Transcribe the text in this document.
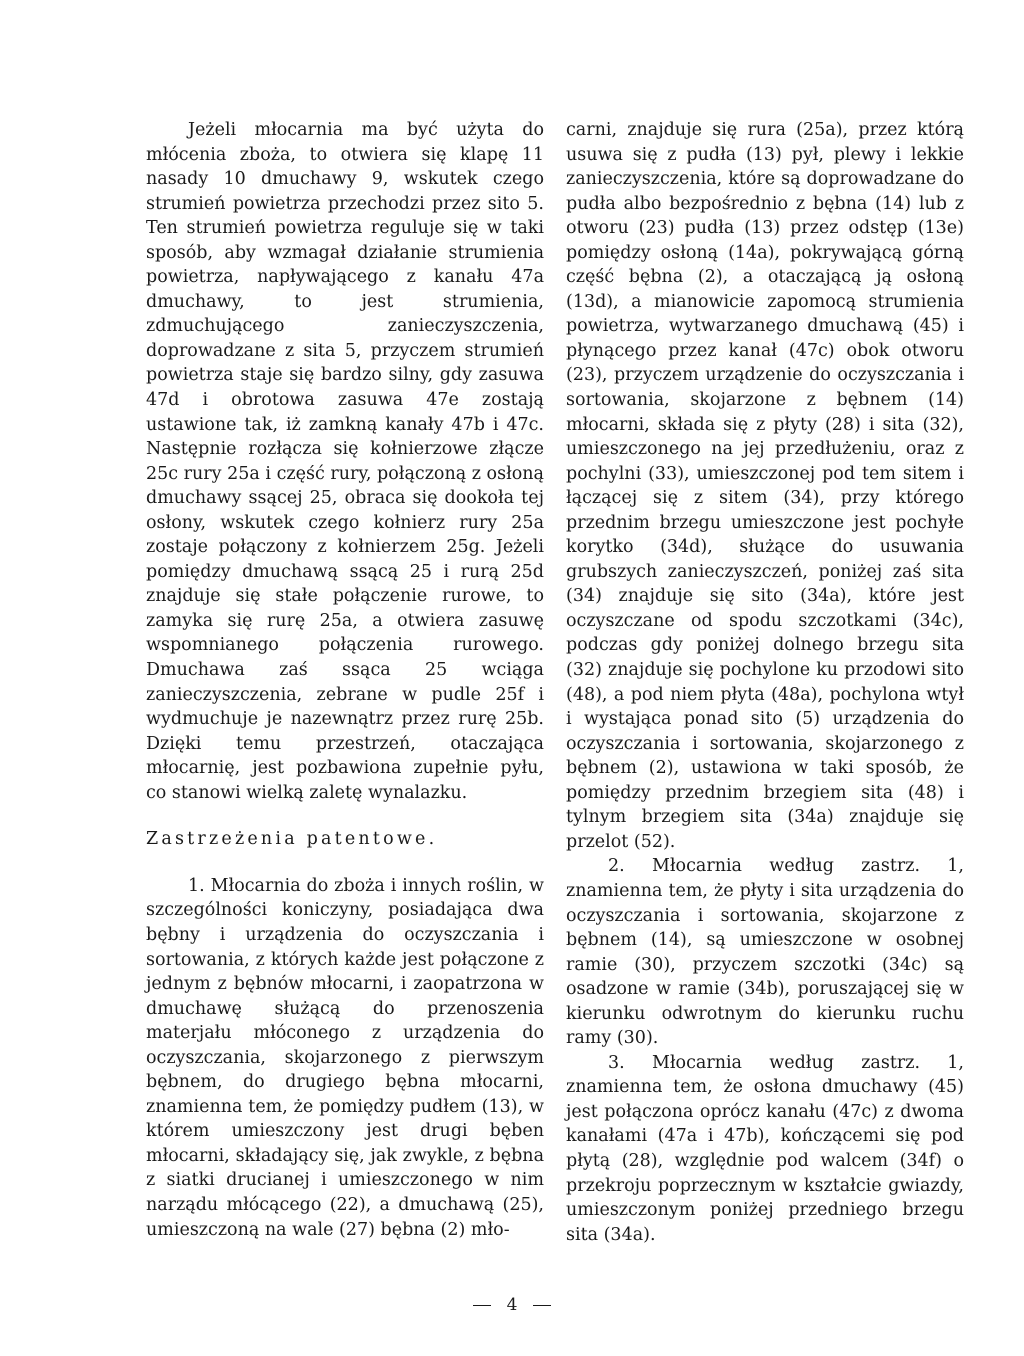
Jeżeli młocarnia ma być użyta do młócenia zboża, to otwiera się klapę 11 nasady 10 dmuchawy 9, wskutek czego strumień powietrza przechodzi przez sito 5. Ten strumień powietrza reguluje się w taki sposób, aby wzmagał działanie strumienia powietrza, napływającego z kanału 47a dmuchawy, to jest strumienia, zdmuchującego zanieczyszczenia, doprowadzane z sita 5, przyczem strumień powietrza staje się bardzo silny, gdy zasuwa 47d i obrotowa zasuwa 47e zostają ustawione tak, iż zamkną kanały 47b i 47c. Następnie rozłącza się kołnierzowe złącze 25c rury 25a i część rury, połączoną z osłoną dmuchawy ssącej 25, obraca się dookoła tej osłony, wskutek czego kołnierz rury 25a zostaje połączony z kołnierzem 25g. Jeżeli pomiędzy dmuchawą ssącą 25 i rurą 25d znajduje się stałe połączenie rurowe, to zamyka się rurę 25a, a otwiera zasuwę wspomnianego połączenia rurowego. Dmuchawa zaś ssąca 25 wciąga zanieczyszczenia, zebrane w pudle 25f i wydmuchuje je nazewnątrz przez rurę 25b. Dzięki temu przestrzeń, otaczająca młocarnię, jest pozbawiona zupełnie pyłu, co stanowi wielką zaletę wynalazku.

Zastrzeżenia patentowe.

1. Młocarnia do zboża i innych roślin, w szczególności koniczyny, posiadająca dwa bębny i urządzenia do oczyszczania i sortowania, z których każde jest połączone z jednym z bębnów młocarni, i zaopatrzona w dmuchawę służącą do przenoszenia materjału młóconego z urządzenia do oczyszczania, skojarzonego z pierwszym bębnem, do drugiego bębna młocarni, znamienna tem, że pomiędzy pudłem (13), w którem umieszczony jest drugi bęben młocarni, składający się, jak zwykle, z bębna z siatki drucianej i umieszczonego w nim narządu młócącego (22), a dmuchawą (25), umieszczoną na wale (27) bębna (2) mło-

carni, znajduje się rura (25a), przez którą usuwa się z pudła (13) pył, plewy i lekkie zanieczyszczenia, które są doprowadzane do pudła albo bezpośrednio z bębna (14) lub z otworu (23) pudła (13) przez odstęp (13e) pomiędzy osłoną (14a), pokrywającą górną część bębna (2), a otaczającą ją osłoną (13d), a mianowicie zapomocą strumienia powietrza, wytwarzanego dmuchawą (45) i płynącego przez kanał (47c) obok otworu (23), przyczem urządzenie do oczyszczania i sortowania, skojarzone z bębnem (14) młocarni, składa się z płyty (28) i sita (32), umieszczonego na jej przedłużeniu, oraz z pochylni (33), umieszczonej pod tem sitem i łączącej się z sitem (34), przy którego przednim brzegu umieszczone jest pochyłe korytko (34d), służące do usuwania grubszych zanieczyszczeń, poniżej zaś sita (34) znajduje się sito (34a), które jest oczyszczane od spodu szczotkami (34c), podczas gdy poniżej dolnego brzegu sita (32) znajduje się pochylone ku przodowi sito (48), a pod niem płyta (48a), pochylona wtył i wystająca ponad sito (5) urządzenia do oczyszczania i sortowania, skojarzonego z bębnem (2), ustawiona w taki sposób, że pomiędzy przednim brzegiem sita (48) i tylnym brzegiem sita (34a) znajduje się przelot (52).

2. Młocarnia według zastrz. 1, znamienna tem, że płyty i sita urządzenia do oczyszczania i sortowania, skojarzone z bębnem (14), są umieszczone w osobnej ramie (30), przyczem szczotki (34c) są osadzone w ramie (34b), poruszającej się w kierunku odwrotnym do kierunku ruchu ramy (30).

3. Młocarnia według zastrz. 1, znamienna tem, że osłona dmuchawy (45) jest połączona oprócz kanału (47c) z dwoma kanałami (47a i 47b), kończącemi się pod płytą (28), względnie pod walcem (34f) o przekroju poprzecznym w kształcie gwiazdy, umieszczonym poniżej przedniego brzegu sita (34a).

4
